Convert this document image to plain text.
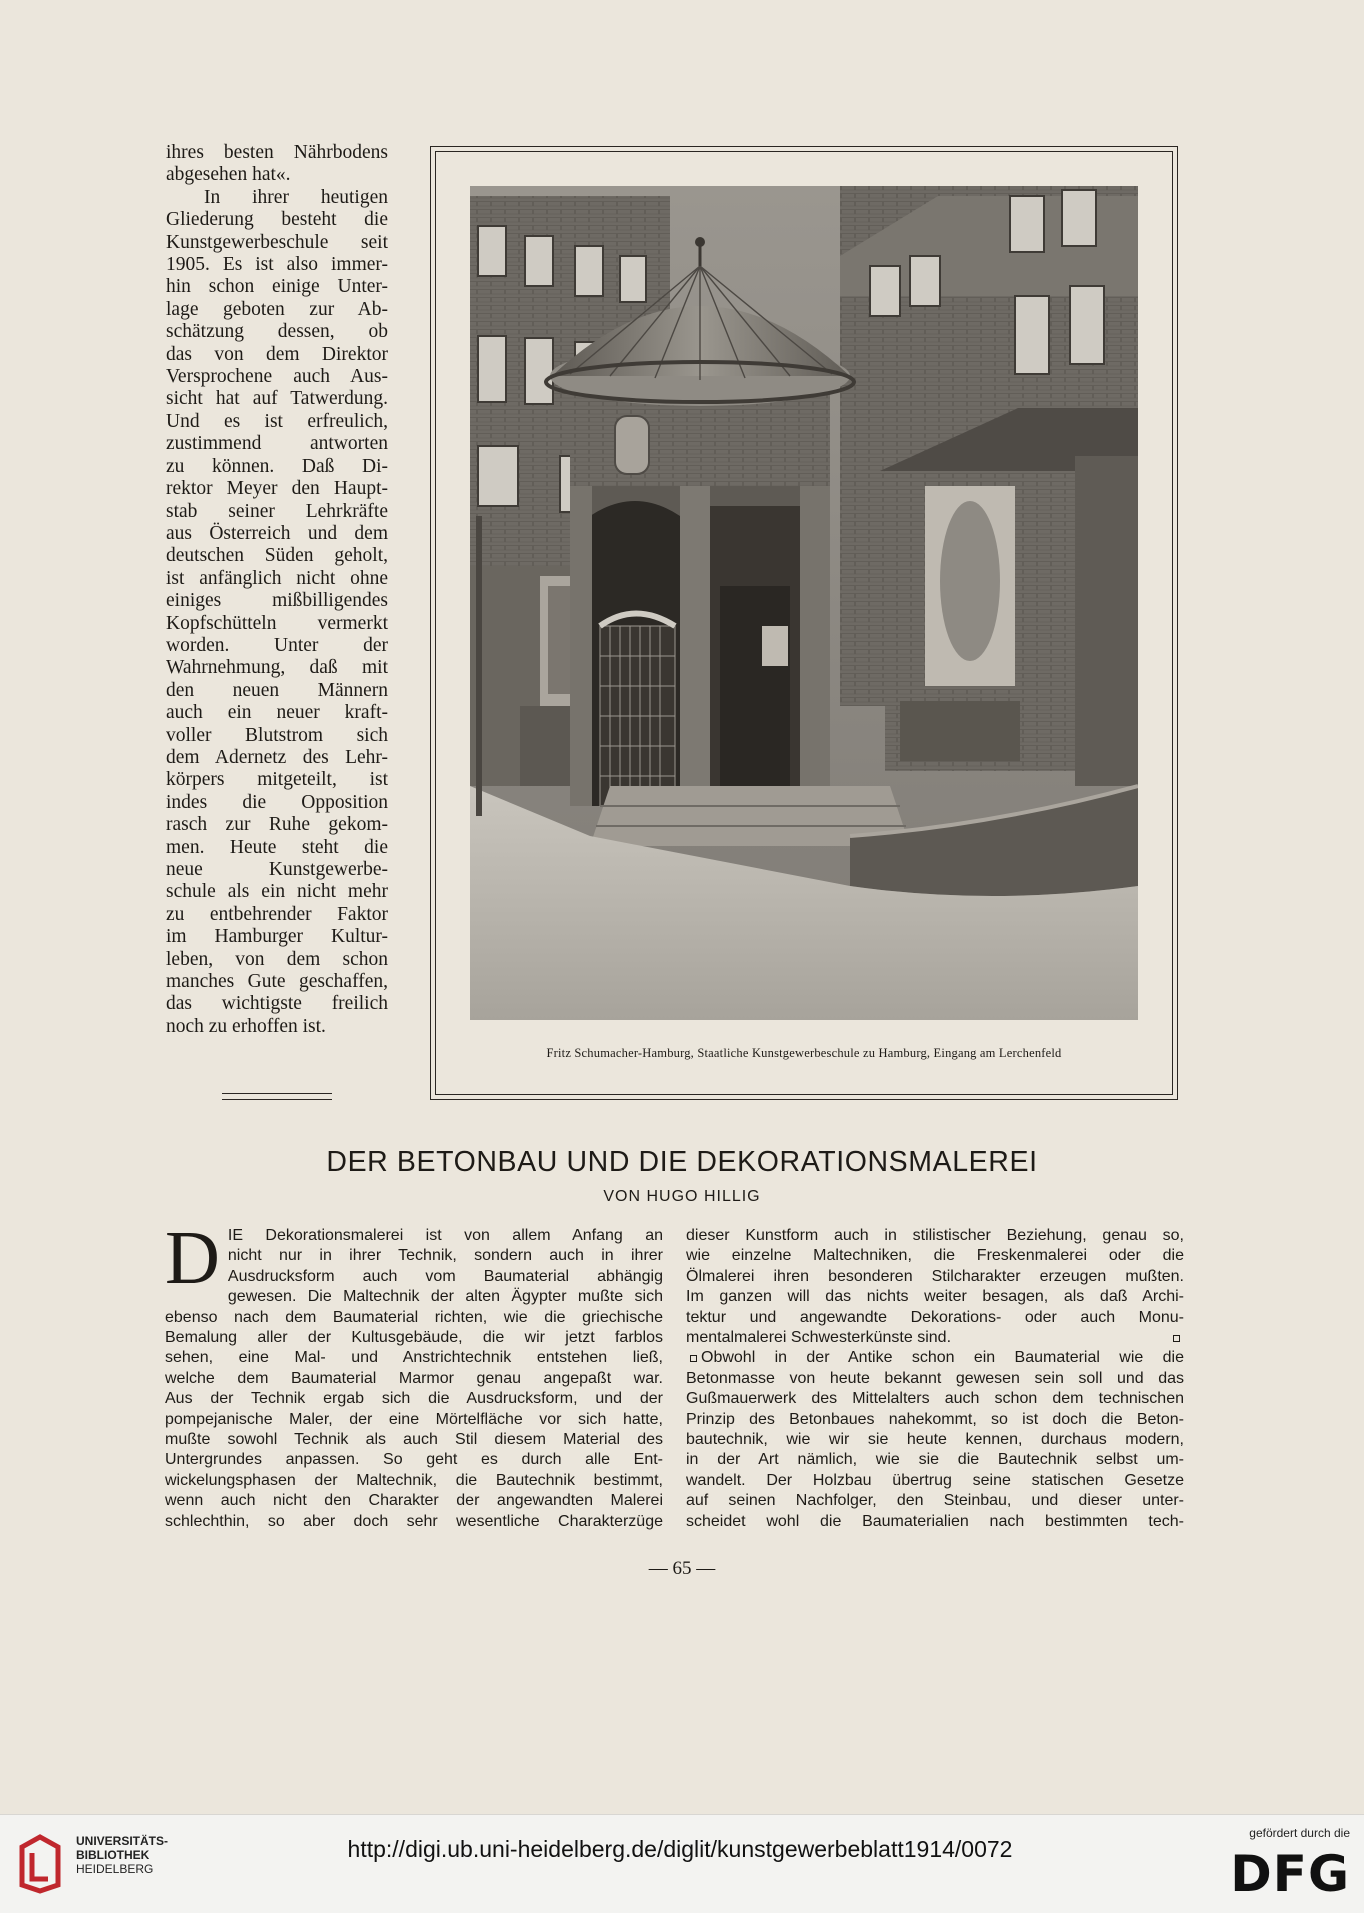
ihres besten Nährbodens
abgesehen hat«.
In ihrer heutigen
Gliederung besteht die
Kunstgewerbeschule seit
1905. Es ist also immer-
hin schon einige Unter-
lage geboten zur Ab-
schätzung dessen, ob
das von dem Direktor
Versprochene auch Aus-
sicht hat auf Tatwerdung.
Und es ist erfreulich,
zustimmend antworten
zu können. Daß Di-
rektor Meyer den Haupt-
stab seiner Lehrkräfte
aus Österreich und dem
deutschen Süden geholt,
ist anfänglich nicht ohne
einiges mißbilligendes
Kopfschütteln vermerkt
worden. Unter der
Wahrnehmung, daß mit
den neuen Männern
auch ein neuer kraft-
voller Blutstrom sich
dem Adernetz des Lehr-
körpers mitgeteilt, ist
indes die Opposition
rasch zur Ruhe gekom-
men. Heute steht die
neue Kunstgewerbe-
schule als ein nicht mehr
zu entbehrender Faktor
im Hamburger Kultur-
leben, von dem schon
manches Gute geschaffen,
das wichtigste freilich
noch zu erhoffen ist.
Fritz Schumacher-Hamburg, Staatliche Kunstgewerbeschule zu Hamburg, Eingang am Lerchenfeld
DER BETONBAU UND DIE DEKORATIONSMALEREI
VON HUGO HILLIG
D IE Dekorationsmalerei ist von allem Anfang an
nicht nur in ihrer Technik, sondern auch in ihrer
Ausdrucksform auch vom Baumaterial abhängig
gewesen. Die Maltechnik der alten Ägypter mußte sich
ebenso nach dem Baumaterial richten, wie die griechische
Bemalung aller der Kultusgebäude, die wir jetzt farblos
sehen, eine Mal- und Anstrichtechnik entstehen ließ,
welche dem Baumaterial Marmor genau angepaßt war.
Aus der Technik ergab sich die Ausdrucksform, und der
pompejanische Maler, der eine Mörtelfläche vor sich hatte,
mußte sowohl Technik als auch Stil diesem Material des
Untergrundes anpassen. So geht es durch alle Ent-
wickelungsphasen der Maltechnik, die Bautechnik bestimmt,
wenn auch nicht den Charakter der angewandten Malerei
schlechthin, so aber doch sehr wesentliche Charakterzüge
dieser Kunstform auch in stilistischer Beziehung, genau so,
wie einzelne Maltechniken, die Freskenmalerei oder die
Ölmalerei ihren besonderen Stilcharakter erzeugen mußten.
Im ganzen will das nichts weiter besagen, als daß Archi-
tektur und angewandte Dekorations- oder auch Monu-
mentalmalerei Schwesterkünste sind.
Obwohl in der Antike schon ein Baumaterial wie die
Betonmasse von heute bekannt gewesen sein soll und das
Gußmauerwerk des Mittelalters auch schon dem technischen
Prinzip des Betonbaues nahekommt, so ist doch die Beton-
bautechnik, wie wir sie heute kennen, durchaus modern,
in der Art nämlich, wie sie die Bautechnik selbst um-
wandelt. Der Holzbau übertrug seine statischen Gesetze
auf seinen Nachfolger, den Steinbau, und dieser unter-
scheidet wohl die Baumaterialien nach bestimmten tech-
— 65 —
UNIVERSITÄTS-
BIBLIOTHEK
HEIDELBERG
http://digi.ub.uni-heidelberg.de/diglit/kunstgewerbeblatt1914/0072
gefördert durch die
DFG
